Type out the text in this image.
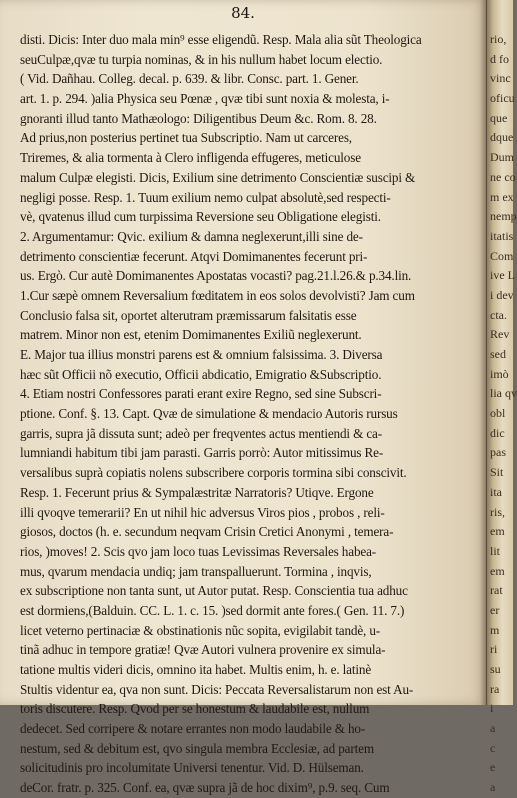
84.
disti. Dicis: Inter duo mala min⁹ esse eligendũ. Resp. Mala alia sũt Theologica
seuCulpæ,qvæ tu turpia nominas, & in his nullum habet locum electio.
( Vid. Dañhau. Colleg. decal. p. 639. & libr. Consc. part. 1. Gener.
art. 1. p. 294. )alia Physica seu Pœnæ , qvæ tibi sunt noxia & molesta, i-
gnoranti illud tanto Mathæologo: Diligentibus Deum &c. Rom. 8. 28.
Ad prius,non posterius pertinet tua Subscriptio. Nam ut carceres,
Triremes, & alia tormenta à Clero infligenda effugeres, meticulose
malum Culpæ elegisti. Dicis, Exilium sine detrimento Conscientiæ suscipi &
negligi posse. Resp. 1. Tuum exilium nemo culpat absolutè,sed respecti-
vè, qvatenus illud cum turpissima Reversione seu Obligatione elegisti.
2. Argumentamur: Qvic. exilium & damna neglexerunt,illi sine de-
detrimento conscientiæ fecerunt. Atqvi Domimanentes fecerunt pri-
us. Ergò. Cur autè Domimanentes Apostatas vocasti? pag.21.l.26.& p.34.lin.
1.Cur sæpè omnem Reversalium fœditatem in eos solos devolvisti? Jam cum
Conclusio falsa sit, oportet alterutram præmissarum falsitatis esse
matrem. Minor non est, etenim Domimanentes Exiliũ neglexerunt.
E. Major tua illius monstri parens est & omnium falsissima. 3. Diversa
hæc sũt Officii nõ executio, Officii abdicatio, Emigratio &Subscriptio.
4. Etiam nostri Confessores parati erant exire Regno, sed sine Subscri-
ptione. Conf. §. 13. Capt. Qvæ de simulatione & mendacio Autoris rursus
garris, supra jã dissuta sunt; adeò per freqventes actus mentiendi & ca-
lumniandi habitum tibi jam parasti. Garris porrò: Autor mitissimus Re-
versalibus suprà copiatis nolens subscribere corporis tormina sibi conscivit.
Resp. 1. Fecerunt prius & Sympalæstritæ Narratoris? Utiqve. Ergone
illi qvoqve temerarii? En ut nihil hic adversus Viros pios , probos , reli-
giosos, doctos (h. e. secundum neqvam Crisin Cretici Anonymi , temera-
rios, )moves! 2. Scis qvo jam loco tuas Levissimas Reversales habea-
mus, qvarum mendacia undiq; jam transpalluerunt. Tormina , inqvis,
ex subscriptione non tanta sunt, ut Autor putat. Resp. Conscientia tua adhuc
est dormiens,(Balduin. CC. L. 1. c. 15. )sed dormit ante fores.( Gen. 11. 7.)
licet veterno pertinaciæ & obstinationis nũc sopita, evigilabit tandè, u-
tinã adhuc in tempore gratiæ! Qvæ Autori vulnera provenire ex simula-
tatione multis videri dicis, omnino ita habet. Multis enim, h. e. latinè
Stultis videntur ea, qva non sunt. Dicis: Peccata Reversalistarum non est Au-
toris discutere. Resp. Qvod per se honestum & laudabile est, nullum
dedecet. Sed corripere & notare errantes non modo laudabile & ho-
nestum, sed & debitum est, qvo singula membra Ecclesiæ, ad partem
solicitudinis pro incolumitate Universi tenentur. Vid. D. Hülseman.
deCor. fratr. p. 325. Conf. ea, qvæ supra jã de hoc dixim⁹, p.9. seq. Cum
rio,
d fo
vinc
oficu
que
dque
Dum
ne co
m ex
nemp
itatis
Com
ive L
i dev
cta.
Rev
sed
imò
lia qv
obl
dic
pas
Sit
ita
ris,
em
lit
em
rat
er
m
ri
su
ra
i
a
c
e
a
